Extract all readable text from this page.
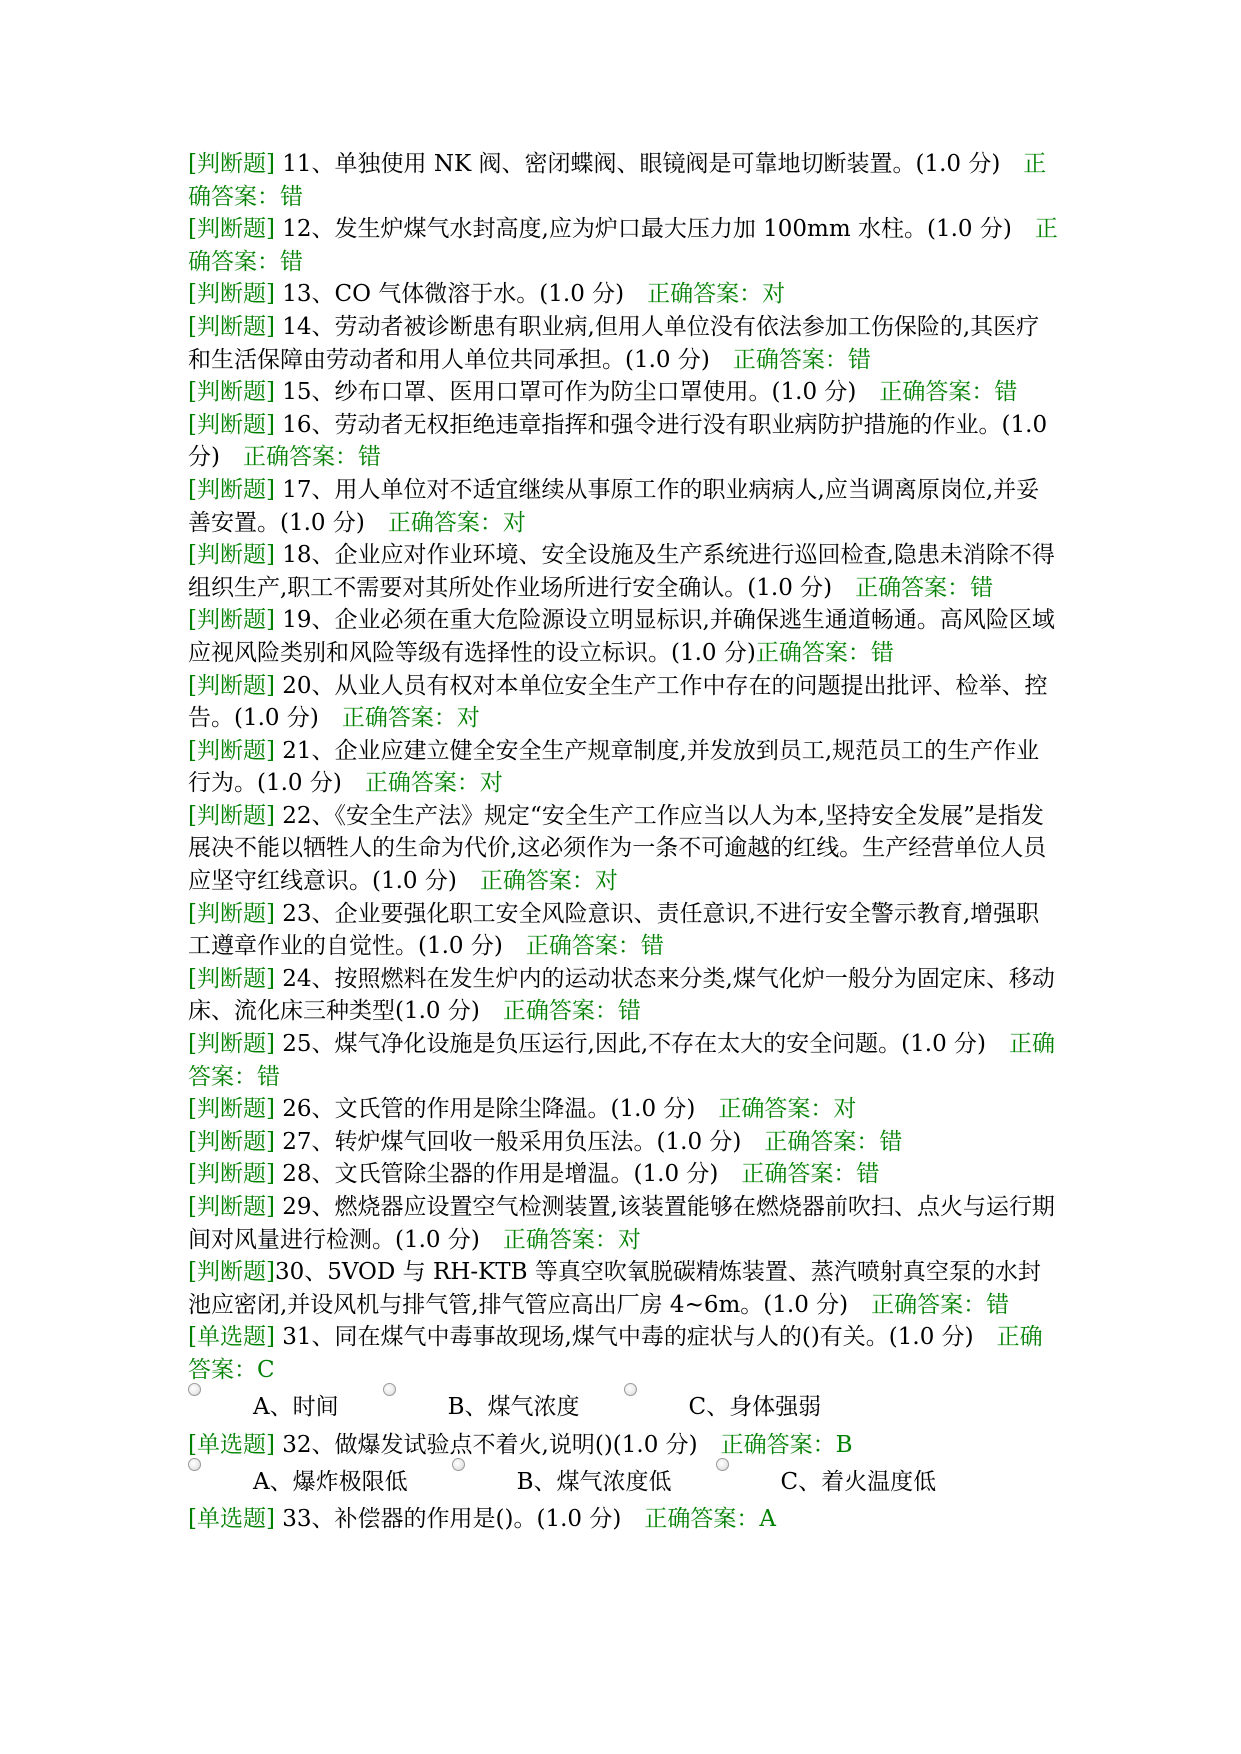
[判断题] 11、单独使用 NK 阀、密闭蝶阀、眼镜阀是可靠地切断装置。(1.0 分)　正确答案：错

[判断题] 12、发生炉煤气水封高度,应为炉口最大压力加 100mm 水柱。(1.0 分)　正确答案：错

[判断题] 13、CO 气体微溶于水。(1.0 分)　正确答案：对

[判断题] 14、劳动者被诊断患有职业病,但用人单位没有依法参加工伤保险的,其医疗和生活保障由劳动者和用人单位共同承担。(1.0 分)　正确答案：错

[判断题] 15、纱布口罩、医用口罩可作为防尘口罩使用。(1.0 分)　正确答案：错

[判断题] 16、劳动者无权拒绝违章指挥和强令进行没有职业病防护措施的作业。(1.0 分)　正确答案：错

[判断题] 17、用人单位对不适宜继续从事原工作的职业病病人,应当调离原岗位,并妥善安置。(1.0 分)　正确答案：对

[判断题] 18、企业应对作业环境、安全设施及生产系统进行巡回检查,隐患未消除不得组织生产,职工不需要对其所处作业场所进行安全确认。(1.0 分)　正确答案：错

[判断题] 19、企业必须在重大危险源设立明显标识,并确保逃生通道畅通。高风险区域应视风险类别和风险等级有选择性的设立标识。(1.0 分)正确答案：错

[判断题] 20、从业人员有权对本单位安全生产工作中存在的问题提出批评、检举、控告。(1.0 分)　正确答案：对

[判断题] 21、企业应建立健全安全生产规章制度,并发放到员工,规范员工的生产作业行为。(1.0 分)　正确答案：对

[判断题] 22、《安全生产法》规定“安全生产工作应当以人为本,坚持安全发展”是指发展决不能以牺牲人的生命为代价,这必须作为一条不可逾越的红线。生产经营单位人员应坚守红线意识。(1.0 分)　正确答案：对

[判断题] 23、企业要强化职工安全风险意识、责任意识,不进行安全警示教育,增强职工遵章作业的自觉性。(1.0 分)　正确答案：错

[判断题] 24、按照燃料在发生炉内的运动状态来分类,煤气化炉一般分为固定床、移动床、流化床三种类型(1.0 分)　正确答案：错

[判断题] 25、煤气净化设施是负压运行,因此,不存在太大的安全问题。(1.0 分)　正确答案：错

[判断题] 26、文氏管的作用是除尘降温。(1.0 分)　正确答案：对

[判断题] 27、转炉煤气回收一般采用负压法。(1.0 分)　正确答案：错

[判断题] 28、文氏管除尘器的作用是增温。(1.0 分)　正确答案：错

[判断题] 29、燃烧器应设置空气检测装置,该装置能够在燃烧器前吹扫、点火与运行期间对风量进行检测。(1.0 分)　正确答案：对

[判断题]30、5VOD 与 RH-KTB 等真空吹氧脱碳精炼装置、蒸汽喷射真空泵的水封池应密闭,并设风机与排气管,排气管应高出厂房 4~6m。(1.0 分)　正确答案：错

[单选题] 31、同在煤气中毒事故现场,煤气中毒的症状与人的()有关。(1.0 分)　正确答案：C

A、时间	B、煤气浓度	C、身体强弱

[单选题] 32、做爆发试验点不着火,说明()(1.0 分)　正确答案：B

A、爆炸极限低	B、煤气浓度低	C、着火温度低

[单选题] 33、补偿器的作用是()。(1.0 分)　正确答案：A
